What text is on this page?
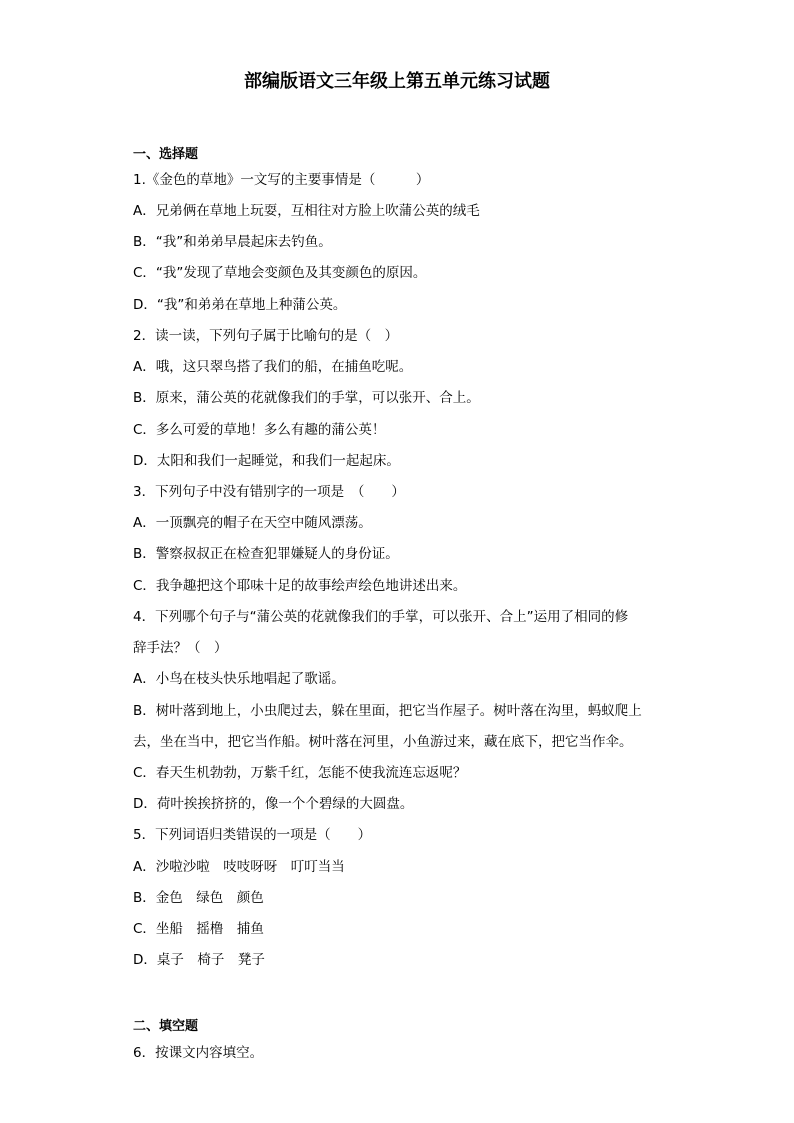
部编版语文三年级上第五单元练习试题
一、选择题
1.《金色的草地》一文写的主要事情是（　　　）
A．兄弟俩在草地上玩耍，互相往对方脸上吹蒲公英的绒毛
B．“我”和弟弟早晨起床去钓鱼。
C．“我”发现了草地会变颜色及其变颜色的原因。
D．“我”和弟弟在草地上种蒲公英。
2．读一读，下列句子属于比喻句的是（　）
A．哦，这只翠鸟搭了我们的船，在捕鱼吃呢。
B．原来，蒲公英的花就像我们的手掌，可以张开、合上。
C．多么可爱的草地！多么有趣的蒲公英！
D．太阳和我们一起睡觉，和我们一起起床。
3．下列句子中没有错别字的一项是　（　　）
A．一顶飘亮的帽子在天空中随风漂荡。
B．警察叔叔正在检查犯罪嫌疑人的身份证。
C．我争趣把这个耶味十足的故事绘声绘色地讲述出来。
4．下列哪个句子与“蒲公英的花就像我们的手掌，可以张开、合上”运用了相同的修
辞手法？（　）
A．小鸟在枝头快乐地唱起了歌谣。
B．树叶落到地上，小虫爬过去，躲在里面，把它当作屋子。树叶落在沟里，蚂蚁爬上
去，坐在当中，把它当作船。树叶落在河里，小鱼游过来，藏在底下，把它当作伞。
C．春天生机勃勃，万紫千红，怎能不使我流连忘返呢？
D．荷叶挨挨挤挤的，像一个个碧绿的大圆盘。
5．下列词语归类错误的一项是（　　）
A．沙啦沙啦　吱吱呀呀　叮叮当当
B．金色　绿色　颜色
C．坐船　摇橹　捕鱼
D．桌子　椅子　凳子
二、填空题
6．按课文内容填空。
